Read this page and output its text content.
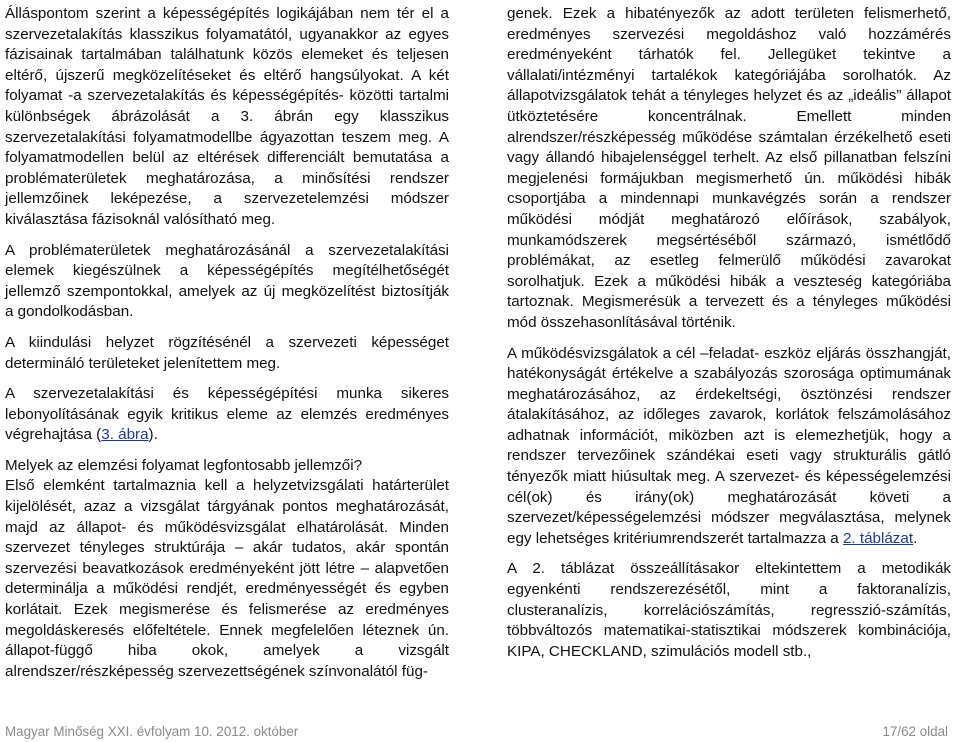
Álláspontom szerint a képességépítés logikájában nem tér el a szervezetalakítás klasszikus folyamatától, ugyanakkor az egyes fázisainak tartalmában találhatunk közös elemeket és teljesen eltérő, újszerű megközelítéseket és eltérő hangsúlyokat. A két folyamat -a szervezetalakítás és képességépítés- közötti tartalmi különbségek ábrázolását a 3. ábrán egy klasszikus szervezetalakítási folyamatmodellbe ágyazottan teszem meg. A folyamatmodellen belül az eltérések differenciált bemutatása a problématerületek meghatározása, a minősítési rendszer jellemzőinek leképezése, a szervezetelemzési módszer kiválasztása fázisoknál valósítható meg.

A problématerületek meghatározásánál a szervezetalakítási elemek kiegészülnek a képességépítés megítélhetőségét jellemző szempontokkal, amelyek az új megközelítést biztosítják a gondolkodásban.

A kiindulási helyzet rögzítésénél a szervezeti képességet determináló területeket jelenítettem meg.

A szervezetalakítási és képességépítési munka sikeres lebonyolításának egyik kritikus eleme az elemzés eredményes végrehajtása (3. ábra).

Melyek az elemzési folyamat legfontosabb jellemzői?

Első elemként tartalmaznia kell a helyzetvizsgálati határterület kijelölését, azaz a vizsgálat tárgyának pontos meghatározását, majd az állapot- és működésvizsgálat elhatárolását. Minden szervezet tényleges struktúrája – akár tudatos, akár spontán szervezési beavatkozások eredményeként jött létre – alapvetően determinálja a működési rendjét, eredményességét és egyben korlátait. Ezek megismerése és felismerése az eredményes megoldáskeresés előfeltétele. Ennek megfelelően léteznek ún. állapot-függő hiba okok, amelyek a vizsgált alrendszer/részképesség szervezettségének színvonalától füg-

genek. Ezek a hibatényezők az adott területen felismerhető, eredményes szervezési megoldáshoz való hozzámérés eredményeként tárhatók fel. Jellegüket tekintve a vállalati/intézményi tartalékok kategóriájába sorolhatók. Az állapotvizsgálatok tehát a tényleges helyzet és az „ideális” állapot ütköztetésére koncentrálnak. Emellett minden alrendszer/részképesség működése számtalan érzékelhető eseti vagy állandó hibajelenséggel terhelt. Az első pillanatban felszíni megjelenési formájukban megismerhető ún. működési hibák csoportjába a mindennapi munkavégzés során a rendszer működési módját meghatározó előírások, szabályok, munkamódszerek megsértéséből származó, ismétlődő problémákat, az esetleg felmerülő működési zavarokat sorolhatjuk. Ezek a működési hibák a veszteség kategóriába tartoznak. Megismerésük a tervezett és a tényleges működési mód összehasonlításával történik.

A működésvizsgálatok a cél –feladat- eszköz eljárás összhangját, hatékonyságát értékelve a szabályozás szorosága optimumának meghatározásához, az érdekeltségi, ösztönzési rendszer átalakításához, az időleges zavarok, korlátok felszámolásához adhatnak információt, miközben azt is elemezhetjük, hogy a rendszer tervezőinek szándékai eseti vagy strukturális gátló tényezők miatt hiúsultak meg. A szervezet- és képességelemzési cél(ok) és irány(ok) meghatározását követi a szervezet/képességelemzési módszer megválasztása, melynek egy lehetséges kritériumrendszerét tartalmazza a 2. táblázat.

A 2. táblázat összeállításakor eltekintettem a metodikák egyenkénti rendszerezésétől, mint a faktoranalízis, clusteranalízis, korrelációszámítás, regresszió-számítás, többváltozós matematikai-statisztikai módszerek kombinációja, KIPA, CHECKLAND, szimulációs modell stb.,

Magyar Minőség XXI. évfolyam 10. 2012. október	17/62 oldal
